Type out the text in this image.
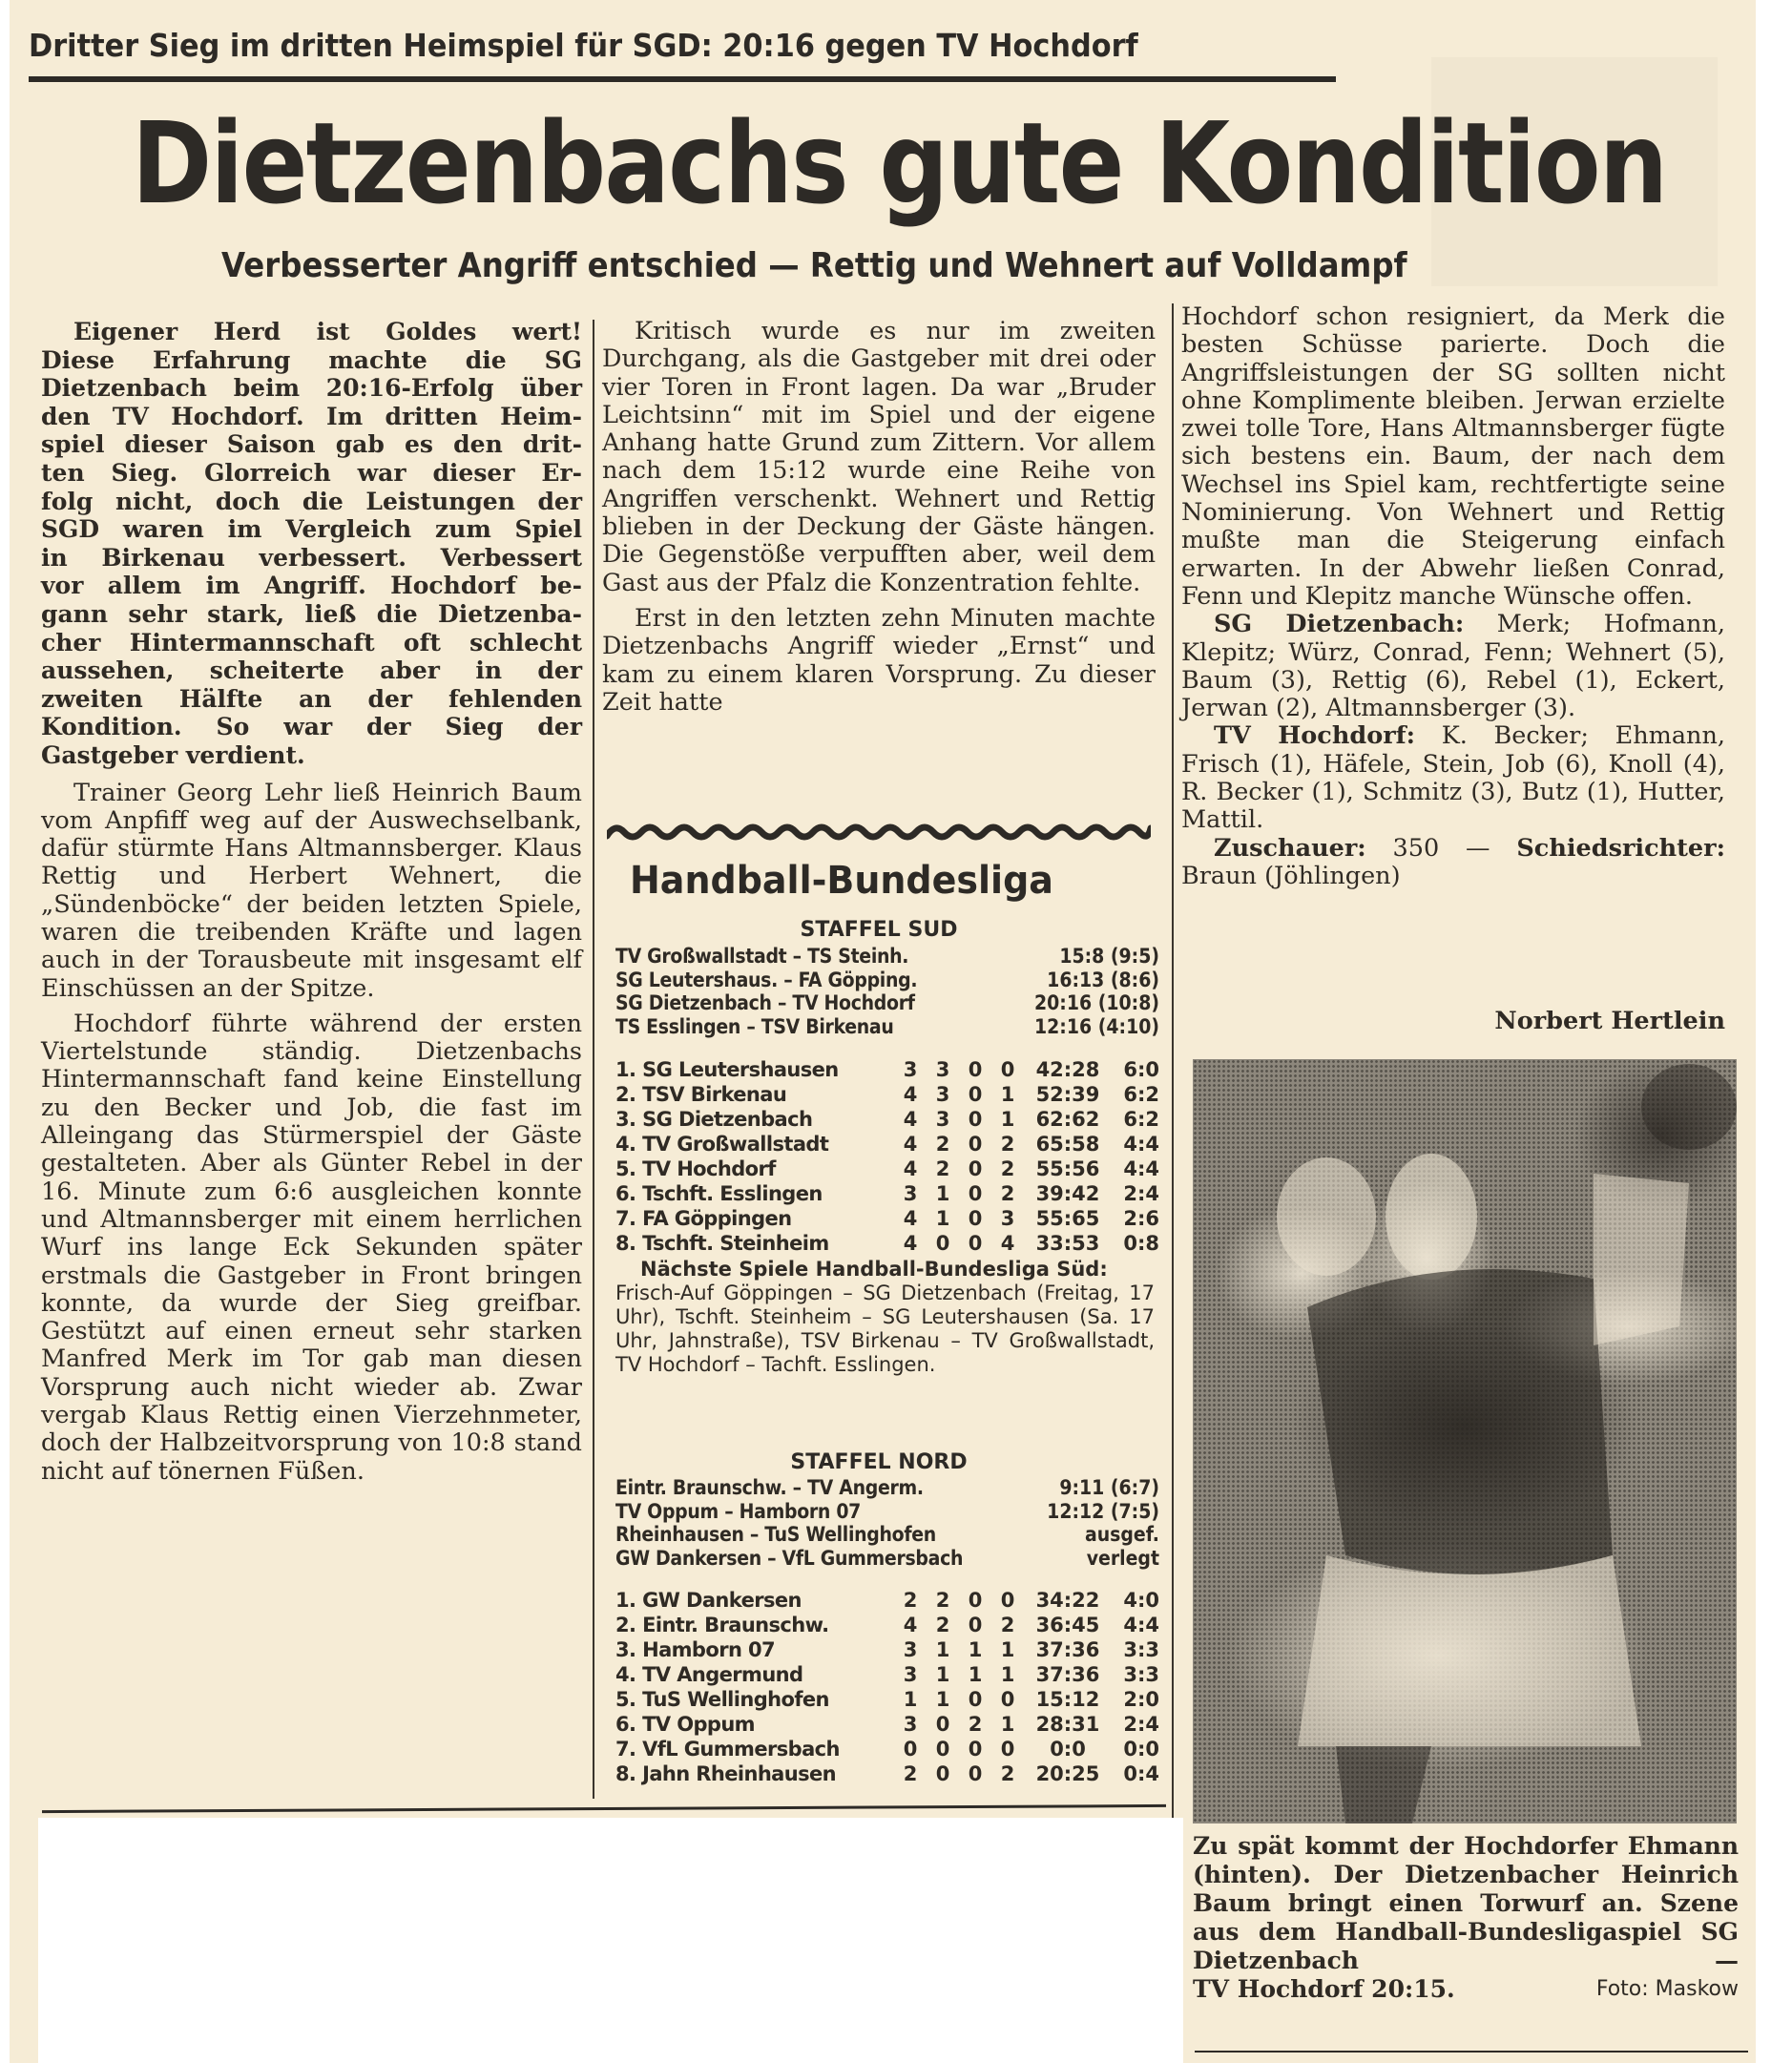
Dritter Sieg im dritten Heimspiel für SGD: 20:16 gegen TV Hochdorf
Dietzenbachs gute Kondition
Verbesserter Angriff entschied — Rettig und Wehnert auf Volldampf
Eigener Herd ist Goldes wert!
Diese Erfahrung machte die SG
Dietzenbach beim 20:16-Erfolg über
den TV Hochdorf. Im dritten Heim-
spiel dieser Saison gab es den drit-
ten Sieg. Glorreich war dieser Er-
folg nicht, doch die Leistungen der
SGD waren im Vergleich zum Spiel
in Birkenau verbessert. Verbessert
vor allem im Angriff. Hochdorf be-
gann sehr stark, ließ die Dietzenba-
cher Hintermannschaft oft schlecht
aussehen, scheiterte aber in der
zweiten Hälfte an der fehlenden
Kondition. So war der Sieg der
Gastgeber verdient.

Trainer Georg Lehr ließ Heinrich Baum vom Anpfiff weg auf der Auswechselbank, dafür stürmte Hans Altmannsberger. Klaus Rettig und Herbert Wehnert, die „Sündenböcke“ der beiden letzten Spiele, waren die treibenden Kräfte und lagen auch in der Torausbeute mit insgesamt elf Einschüssen an der Spitze.

Hochdorf führte während der ersten Viertelstunde ständig. Dietzenbachs Hintermannschaft fand keine Einstellung zu den Becker und Job, die fast im Alleingang das Stürmerspiel der Gäste gestalteten. Aber als Günter Rebel in der 16. Minute zum 6:6 ausgleichen konnte und Altmannsberger mit einem herrlichen Wurf ins lange Eck Sekunden später erstmals die Gastgeber in Front bringen konnte, da wurde der Sieg greifbar. Gestützt auf einen erneut sehr starken Manfred Merk im Tor gab man diesen Vorsprung auch nicht wieder ab. Zwar vergab Klaus Rettig einen Vierzehnmeter, doch der Halbzeitvorsprung von 10:8 stand nicht auf tönernen Füßen.

Kritisch wurde es nur im zweiten Durchgang, als die Gastgeber mit drei oder vier Toren in Front lagen. Da war „Bruder Leichtsinn“ mit im Spiel und der eigene Anhang hatte Grund zum Zittern. Vor allem nach dem 15:12 wurde eine Reihe von Angriffen verschenkt. Wehnert und Rettig blieben in der Deckung der Gäste hängen. Die Gegenstöße verpufften aber, weil dem Gast aus der Pfalz die Konzentration fehlte.

Erst in den letzten zehn Minuten machte Dietzenbachs Angriff wieder „Ernst“ und kam zu einem klaren Vorsprung. Zu dieser Zeit hatte

Handball-Bundesliga
STAFFEL SUD
TV Großwallstadt – TS Steinh.	15:8 (9:5)
SG Leutershaus. – FA Göpping.	16:13 (8:6)
SG Dietzenbach – TV Hochdorf	20:16 (10:8)
TS Esslingen – TSV Birkenau	12:16 (4:10)
1. SG Leutershausen	3 3 0 0	42:28	6:0
2. TSV Birkenau	4 3 0 1	52:39	6:2
3. SG Dietzenbach	4 3 0 1	62:62	6:2
4. TV Großwallstadt	4 2 0 2	65:58	4:4
5. TV Hochdorf	4 2 0 2	55:56	4:4
6. Tschft. Esslingen	3 1 0 2	39:42	2:4
7. FA Göppingen	4 1 0 3	55:65	2:6
8. Tschft. Steinheim	4 0 0 4	33:53	0:8
Nächste Spiele Handball-Bundesliga Süd:
Frisch-Auf Göppingen – SG Dietzenbach (Freitag, 17 Uhr), Tschft. Steinheim – SG Leutershausen (Sa. 17 Uhr, Jahnstraße), TSV Birkenau – TV Großwallstadt, TV Hochdorf – Tachft. Esslingen.
STAFFEL NORD
Eintr. Braunschw. – TV Angerm.	9:11 (6:7)
TV Oppum – Hamborn 07	12:12 (7:5)
Rheinhausen – TuS Wellinghofen	ausgef.
GW Dankersen – VfL Gummersbach	verlegt
1. GW Dankersen	2 2 0 0	34:22	4:0
2. Eintr. Braunschw.	4 2 0 2	36:45	4:4
3. Hamborn 07	3 1 1 1	37:36	3:3
4. TV Angermund	3 1 1 1	37:36	3:3
5. TuS Wellinghofen	1 1 0 0	15:12	2:0
6. TV Oppum	3 0 2 1	28:31	2:4
7. VfL Gummersbach	0 0 0 0	0:0	0:0
8. Jahn Rheinhausen	2 0 0 2	20:25	0:4

Hochdorf schon resigniert, da Merk die besten Schüsse parierte. Doch die Angriffsleistungen der SG sollten nicht ohne Komplimente bleiben. Jerwan erzielte zwei tolle Tore, Hans Altmannsberger fügte sich bestens ein. Baum, der nach dem Wechsel ins Spiel kam, rechtfertigte seine Nominierung. Von Wehnert und Rettig mußte man die Steigerung einfach erwarten. In der Abwehr ließen Conrad, Fenn und Klepitz manche Wünsche offen.

SG Dietzenbach: Merk; Hofmann, Klepitz; Würz, Conrad, Fenn; Wehnert (5), Baum (3), Rettig (6), Rebel (1), Eckert, Jerwan (2), Altmannsberger (3).

TV Hochdorf: K. Becker; Ehmann, Frisch (1), Häfele, Stein, Job (6), Knoll (4), R. Becker (1), Schmitz (3), Butz (1), Hutter, Mattil.

Zuschauer: 350 — Schiedsrichter: Braun (Jöhlingen)

Norbert Hertlein
Zu spät kommt der Hochdorfer Ehmann (hinten). Der Dietzenbacher Heinrich Baum bringt einen Torwurf an. Szene aus dem Handball-Bundesligaspiel SG Dietzenbach —
TV Hochdorf 20:15.	Foto: Maskow
